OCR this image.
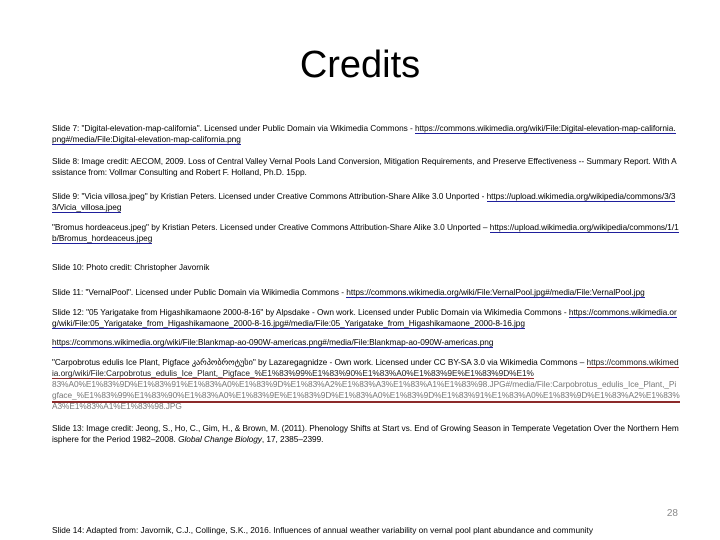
Credits

Slide 7: "Digital-elevation-map-california". Licensed under Public Domain via Wikimedia Commons - https://commons.wikimedia.org/wiki/File:Digital-elevation-map-california.png#/media/File:Digital-elevation-map-california.png

Slide 8: Image credit: AECOM, 2009. Loss of Central Valley Vernal Pools Land Conversion, Mitigation Requirements, and Preserve Effectiveness -- Summary Report. With Assistance from: Vollmar Consulting and Robert F. Holland, Ph.D. 15pp.

Slide 9: "Vicia villosa.jpeg" by Kristian Peters. Licensed under Creative Commons Attribution-Share Alike 3.0 Unported - https://upload.wikimedia.org/wikipedia/commons/3/33/Vicia_villosa.jpeg

"Bromus hordeaceus.jpeg" by Kristian Peters. Licensed under Creative Commons Attribution-Share Alike 3.0 Unported – https://upload.wikimedia.org/wikipedia/commons/1/1b/Bromus_hordeaceus.jpeg

Slide 10: Photo credit: Christopher Javornik

Slide 11: "VernalPool". Licensed under Public Domain via Wikimedia Commons - https://commons.wikimedia.org/wiki/File:VernalPool.jpg#/media/File:VernalPool.jpg

Slide 12: "05 Yarigatake from Higashikamaone 2000-8-16" by Alpsdake - Own work. Licensed under Public Domain via Wikimedia Commons - https://commons.wikimedia.org/wiki/File:05_Yarigatake_from_Higashikamaone_2000-8-16.jpg#/media/File:05_Yarigatake_from_Higashikamaone_2000-8-16.jpg

https://commons.wikimedia.org/wiki/File:Blankmap-ao-090W-americas.png#/media/File:Blankmap-ao-090W-americas.png

"Carpobrotus edulis Ice Plant, Pigface კარპობროტუსი" by Lazaregagnidze - Own work. Licensed under CC BY-SA 3.0 via Wikimedia Commons – https://commons.wikimedia.org/wiki/File:Carpobrotus_edulis_Ice_Plant,_Pigface_%E1%83%99%E1%83%90%E1%83%A0%E1%83%9E%E1%83%9D%E1%
83%A0%E1%83%9D%E1%83%91%E1%83%A0%E1%83%9D%E1%83%A2%E1%83%A3%E1%83%A1%E1%83%98.JPG#/media/File:Carpobrotus_edulis_Ice_Plant,_Pigface_%E1%83%99%E1%83%90%E1%83%A0%E1%83%9E%E1%83%9D%E1%83%A0%E1%83%9D%E1%83%91%E1%83%A0%E1%83%9D%E1%83%A2%E1%83%A3%E1%83%A1%E1%83%98.JPG

Slide 13: Image credit: Jeong, S., Ho, C., Gim, H., & Brown, M. (2011). Phenology Shifts at Start vs. End of Growing Season in Temperate Vegetation Over the Northern Hemisphere for the Period 1982–2008. Global Change Biology, 17, 2385–2399.

Slide 14: Adapted from: Javornik, C.J., Collinge, S.K., 2016. Influences of annual weather variability on vernal pool plant abundance and community
28
